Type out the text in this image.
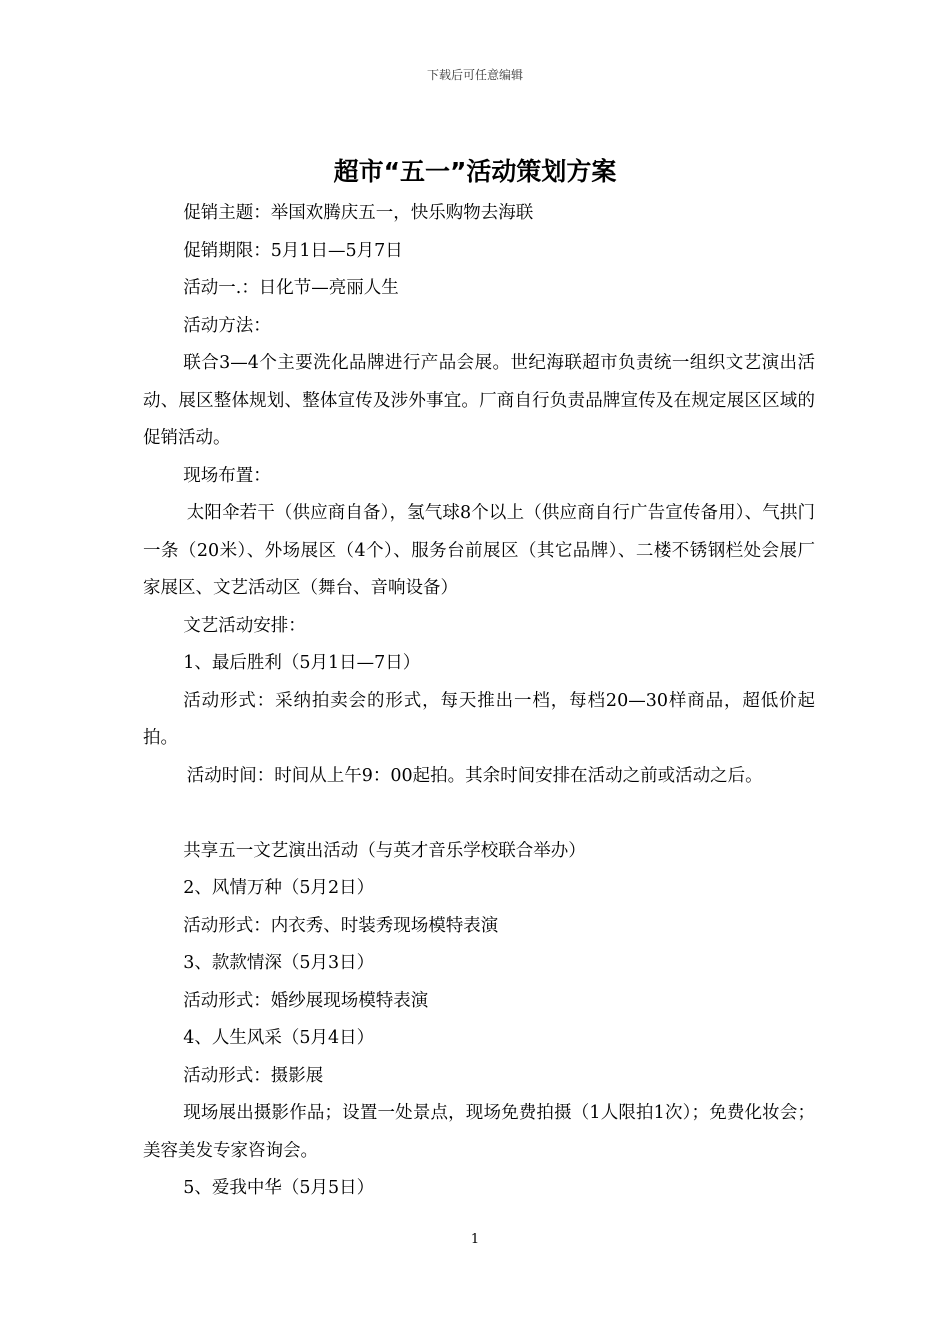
下载后可任意编辑
超市“五一”活动策划方案

促销主题：举国欢腾庆五一，快乐购物去海联

促销期限：5月1日—5月7日

活动一.：日化节—亮丽人生

活动方法：

联合3—4个主要洗化品牌进行产品会展。世纪海联超市负责统一组织文艺演出活动、展区整体规划、整体宣传及涉外事宜。厂商自行负责品牌宣传及在规定展区区域的促销活动。

现场布置：

太阳伞若干（供应商自备），氢气球8个以上（供应商自行广告宣传备用）、气拱门一条（20米）、外场展区（4个）、服务台前展区（其它品牌）、二楼不锈钢栏处会展厂家展区、文艺活动区（舞台、音响设备）

文艺活动安排：

1、最后胜利（5月1日—7日）

活动形式：采纳拍卖会的形式，每天推出一档，每档20—30样商品，超低价起拍。

活动时间：时间从上午9：00起拍。其余时间安排在活动之前或活动之后。

共享五一文艺演出活动（与英才音乐学校联合举办）

2、风情万种（5月2日）

活动形式：内衣秀、时装秀现场模特表演

3、款款情深（5月3日）

活动形式：婚纱展现场模特表演

4、人生风采（5月4日）

活动形式：摄影展

现场展出摄影作品；设置一处景点，现场免费拍摄（1人限拍1次）；免费化妆会；美容美发专家咨询会。

5、爱我中华（5月5日）

1
